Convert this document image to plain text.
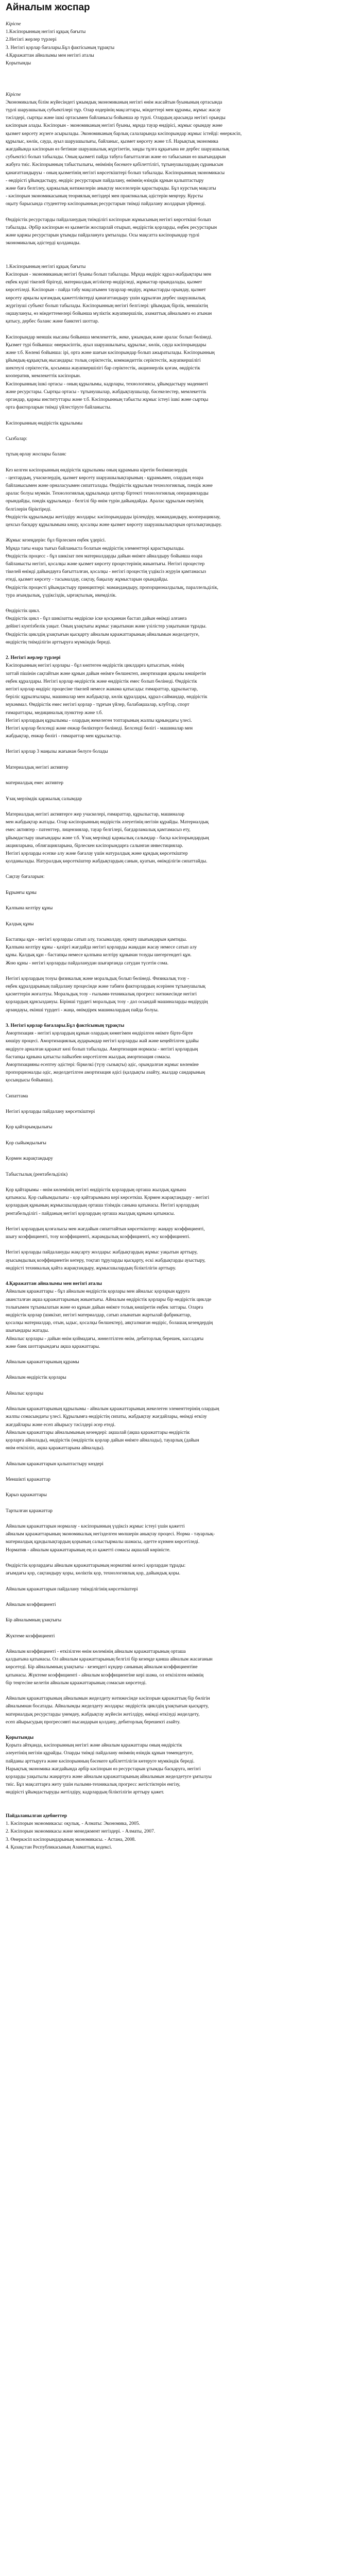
Айналым жоспар
Кіріспе
1.Кәсіпорынның негізгі құқық бағыты
2.Негізгі жерлер түрлері
3. Негізгі қорлар бағалары.Бұл фактісының тұрақты
4.Қаражаттан айналымы мен негізгі аталы
Қорытынды
Кіріспе
Экономикалық білім жүйесіндегі ұжымдық экономиканың негізгі өнім жасайтын буынының ортасында
түрлі шаруашылық субъектілері тұр. Олар өздерінің мақсаттары, міндеттері мен құрамы, жұмыс жасау
тәсілдері, сыртқы және ішкі ортасымен байланысы бойынша әр түрлі. Олардың арасында негізгі орынды
кәсіпорын алады. Кәсіпорын - экономиканың негізгі буыны, мұнда тауар өндірісі, жұмыс орындау және
қызмет көрсету жүзеге асырылады. Экономиканың барлық салаларында кәсіпорындар жұмыс істейді: өнеркәсіп,
құрылыс, көлік, сауда, ауыл шаруашылығы, байланыс, қызмет көрсету және т.б. Нарықтық экономика
жағдайында кәсіпорын өз бетінше шаруашылық жүргізетін, заңды тұлға құқығына ие дербес шаруашылық
субъектісі болып табылады. Оның қызметі пайда табуға бағытталған және өз табысынан өз шығындарын
жабуға тиіс. Кәсіпорынның табыстылығы, өнімінің бәсекеге қабілеттілігі, тұтынушылардың сұранысын
қанағаттандыруы - оның қызметінің негізгі көрсеткіштері болып табылады. Кәсіпорынның экономикасы
- өндірісті ұйымдастыру, өндіріс ресурстарын пайдалану, өнімнің өзіндік құнын қалыптастыру
және баға белгілеу, қаржылық нәтижелерін анықтау мәселелерін қарастырады. Бұл курстың мақсаты
- кәсіпорын экономикасының теориялық негіздері мен практикалық әдістерін меңгеру. Курсты
оқыту барысында студенттер кәсіпорынның ресурстарын тиімді пайдалану жолдарын үйренеді.
Өндірістік ресурстарды пайдаланудың тиімділігі кәсіпорын жұмысының негізгі көрсеткіші болып
табылады. Әрбір кәсіпорын өз қызметін жоспарлай отырып, өндірістік қорларды, еңбек ресурстарын
және қаржы ресурстарын ұтымды пайдалануға ұмтылады. Осы мақсатта кәсіпорындар түрлі
экономикалық әдістерді қолданады.
1.Кәсіпорынның негізгі құқық бағыты
Кәсіпорын - экономиканың негізгі буыны болып табылады. Мұнда өндіріс құрал-жабдықтары мен
еңбек күші тікелей бірігеді, материалдық игіліктер өндіріледі, жұмыстар орындалады, қызмет
көрсетіледі. Кәсіпорын - пайда табу мақсатымен тауарлар өндіру, жұмыстарды орындау, қызмет
көрсету арқылы қоғамдық қажеттіліктерді қанағаттандыру үшін құрылған дербес шаруашылық
жүргізуші субъект болып табылады. Кәсіпорынның негізгі белгілері: ұйымдық бірлік, меншіктің
оқшаулануы, өз міндеттемелері бойынша мүліктік жауапкершілік, азаматтық айналымға өз атынан
қатысу, дербес баланс және банктегі шоттар.
Кәсіпорындар меншік нысаны бойынша мемлекеттік, жеке, ұжымдық және аралас болып бөлінеді.
Қызмет түрі бойынша: өнеркәсіптік, ауыл шаруашылығы, құрылыс, көлік, сауда кәсіпорындары
және т.б. Көлемі бойынша: ірі, орта және шағын кәсіпорындар болып ажыратылады. Кәсіпорынның
ұйымдық-құқықтық нысандары: толық серіктестік, коммандиттік серіктестік, жауапкершілігі
шектеулі серіктестік, қосымша жауапкершілігі бар серіктестік, акционерлік қоғам, өндірістік
кооператив, мемлекеттік кәсіпорын.
Кәсіпорынның ішкі ортасы - оның құрылымы, кадрлары, технологиясы, ұйымдастыру мәдениеті
және ресурстары. Сыртқы ортасы - тұтынушылар, жабдықтаушылар, бәсекелестер, мемлекеттік
органдар, қаржы институттары және т.б. Кәсіпорынның табысты жұмыс істеуі ішкі және сыртқы
орта факторларын тиімді үйлестіруге байланысты.
Кәсіпорынның өндірістік құрылымы
Сызбалар:
тұтың өрлау жоспары баланс
Кез келген кәсіпорынның өндірістік құрылымы оның құрамына кіретін бөлімшелердің
- цехтардың, учаскелердің, қызмет көрсету шаруашылықтарының - құрамымен, олардың өзара
байланысымен және орналасуымен сипатталады. Өндірістік құрылым технологиялық, пәндік және
аралас болуы мүмкін. Технологиялық құрылымда цехтар біртекті технологиялық операцияларды
орындайды, пәндік құрылымда - белгілі бір өнім түрін дайындайды. Аралас құрылым екеуінің
белгілерін біріктіреді.
Өндірістік құрылымды жетілдіру жолдары: кәсіпорындарды ірілендіру, мамандандыру, кооперациялау,
цехсыз басқару құрылымына көшу, қосалқы және қызмет көрсету шаруашылықтарын орталықтандыру.
Жұмыс кезеңдерін: бұл бірлескен еңбек үдерісі.
Мұнда тағы өзара тығыз байланыста болатын өндірістің элементтері қарастырылады.
Өндірістік процесс - бұл шикізат пен материалдарды дайын өнімге айналдыру бойынша өзара
байланысты негізгі, қосалқы және қызмет көрсету процестерінің жиынтығы. Негізгі процестер
тікелей өнімді дайындауға бағытталған, қосалқы - негізгі процестің үздіксіз жүруін қамтамасыз
етеді, қызмет көрсету - тасымалдау, сақтау, бақылау жұмыстарын орындайды.
Өндірістік процесті ұйымдастыру принциптері: мамандандыру, пропорционалдылық, параллельділік,
тура ағындылық, үздіксіздік, ырғақтылық, икемділік.
Өндірістік цикл.
Өндірістік цикл - бұл шикізатты өндіріске іске қосқаннан бастап дайын өнімді алғанға
дейінгі күнтізбелік уақыт. Оның ұзақтығы жұмыс уақытынан және үзілістер уақытынан тұрады.
Өндірістік циклдің ұзақтығын қысқарту айналым қаражаттарының айналымын жеделдетуге,
өндірістің тиімділігін арттыруға мүмкіндік береді.
2. Негізгі жерлер түрлері
Кәсіпорынның негізгі қорлары - бұл көптеген өндірістік циклдарға қатысатын, өзінің
заттай пішінін сақтайтын және құнын дайын өнімге бөлшектеп, амортизация арқылы көшіретін
еңбек құралдары. Негізгі қорлар өндірістік және өндірістік емес болып бөлінеді. Өндірістік
негізгі қорлар өндіріс процесіне тікелей немесе жанама қатысады: ғимараттар, құрылыстар,
беріліс құрылғылары, машиналар мен жабдықтар, көлік құралдары, құрал-саймандар, өндірістік
мүкәммал. Өндірістік емес негізгі қорлар - тұрғын үйлер, балабақшалар, клубтар, спорт
ғимараттары, медициналық пункттер және т.б.
Негізгі қорлардың құрылымы - олардың жекелеген топтарының жалпы құнындағы үлесі.
Негізгі қорлар белсенді және енжар бөліктерге бөлінеді. Белсенді бөлігі - машиналар мен
жабдықтар, енжар бөлігі - ғимараттар мен құрылыстар.
Негізгі қорлар 3 маңызы жағынан бөлуге болады
Материалдық негізгі активтер
материалдық емес активтер
Ұзақ мерзімдік қаржылық салымдар
Материалдық негізгі активтерге жер учаскелері, ғимараттар, құрылыстар, машиналар
мен жабдықтар жатады. Олар кәсіпорынның өндірістік әлеуетінің негізін құрайды. Материалдық
емес активтер - патенттер, лицензиялар, тауар белгілері, бағдарламалық қамтамасыз ету,
ұйымдастыру шығындары және т.б. Ұзақ мерзімді қаржылық салымдар - басқа кәсіпорындардың
акцияларына, облигацияларына, бірлескен кәсіпорындарға салынған инвестициялар.
Негізгі қорларды есепке алу және бағалау үшін натуралдық және құндық көрсеткіштер
қолданылады. Натуралдық көрсеткіштер жабдықтардың санын, қуатын, өнімділігін сипаттайды.
Сақтау бағаларын:
Бұрынғы құны
Қалпына келтіру құны
Қалдық құны
Бастапқы құн - негізгі қорларды сатып алу, тасымалдау, орнату шығындарын қамтиды.
Қалпына келтіру құны - қазіргі жағдайда негізгі қорларды жаңадан жасау немесе сатып алу
құны. Қалдық құн - бастапқы немесе қалпына келтіру құнынан тозуды шегергендегі құн.
Жою құны - негізгі қорларды пайдаланудан шығарғанда сатудан түсетін сома.
Негізгі қорлардың тозуы физикалық және моральдық болып бөлінеді. Физикалық тозу -
еңбек құралдарының пайдалану процесінде және табиғи факторлардың әсерінен тұтынушылық
қасиеттерін жоғалтуы. Моральдық тозу - ғылыми-техникалық прогресс нәтижесінде негізгі
қорлардың құнсыздануы. Бірінші түрдегі моральдық тозу - дәл осындай машиналарды өндірудің
арзандауы, екінші түрдегі - жаңа, өнімдірек машиналардың пайда болуы.
3. Негізгі қорлар бағалары.Бұл фактісының тұрақты
Амортизация - негізгі қорлардың құнын олардың көмегімен өндірілген өнімге бірте-бірте
көшіру процесі. Амортизациялық аударымдар негізгі қорларды жай және кеңейтілген ұдайы
өндіруге арналған қаражат көзі болып табылады. Амортизация нормасы - негізгі қорлардың
бастапқы құнына қатысты пайызбен көрсетілген жылдық амортизация сомасы.
Амортизацияны есептеу әдістері: біркелкі (түзу сызықты) әдіс, орындалған жұмыс көлеміне
пропорционалды әдіс, жеделдетілген амортизация әдісі (қалдықты азайту, жылдар сандарының
қосындысы бойынша).
Сипаттама
Негізгі қорларды пайдалану көрсеткіштері
Қор қайтарымдылығы
Қор сыйымдылығы
Қормен жарақтандыру
Табыстылық (рентабельділік)
Қор қайтарымы - өнім көлемінің негізгі өндірістік қорлардың орташа жылдық құнына
қатынасы. Қор сыйымдылығы - қор қайтарымына кері көрсеткіш. Қормен жарақтандыру - негізгі
қорлардың құнының жұмысшылардың орташа тізімдік санына қатынасы. Негізгі қорлардың
рентабельділігі - пайданың негізгі қорлардың орташа жылдық құнына қатынасы.
Негізгі қорлардың қозғалысы мен жағдайын сипаттайтын көрсеткіштер: жаңару коэффициенті,
шығу коэффициенті, тозу коэффициенті, жарамдылық коэффициенті, өсу коэффициенті.
Негізгі қорларды пайдалануды жақсарту жолдары: жабдықтардың жұмыс уақытын арттыру,
ауысымдылық коэффициентін көтеру, тоқтап тұруларды қысқарту, ескі жабдықтарды ауыстыру,
өндірісті техникалық қайта жарақтандыру, жұмысшылардың біліктілігін арттыру.
4.Қаражаттан айналымы мен негізгі аталы
Айналым қаражаттары - бұл айналым өндірістік қорлары мен айналыс қорларын құруға
авансталған ақша қаражаттарының жиынтығы. Айналым өндірістік қорлары бір өндірістік циклде
толығымен тұтынылатын және өз құнын дайын өнімге толық көшіретін еңбек заттары. Оларға
өндірістік қорлар (шикізат, негізгі материалдар, сатып алынатын жартылай фабрикаттар,
қосалқы материалдар, отын, ыдыс, қосалқы бөлшектер), аяқталмаған өндіріс, болашақ кезеңдердің
шығындары жатады.
Айналыс қорлары - дайын өнім қоймадағы, жөнелтілген өнім, дебиторлық берешек, кассадағы
және банк шоттарындағы ақша қаражаттары.
Айналым қаражаттарының құрамы
Айналым өндірістік қорлары
Айналыс қорлары
Айналым қаражаттарының құрылымы - айналым қаражаттарының жекелеген элементтерінің олардың
жалпы сомасындағы үлесі. Құрылымға өндірістің сипаты, жабдықтау жағдайлары, өнімді өткізу
жағдайлары және есеп айырысу тәсілдері әсер етеді.
Айналым қаражаттары айналымының кезеңдері: ақшалай (ақша қаражаттары өндірістік
қорларға айналады), өндірістік (өндірістік қорлар дайын өнімге айналады), тауарлық (дайын
өнім өткізіліп, ақша қаражаттарына айналады).
Айналым қаражаттарын қалыптастыру көздері
Меншікті қаражаттар
Қарыз қаражаттары
Тартылған қаражаттар
Айналым қаражаттарын нормалау - кәсіпорынның үздіксіз жұмыс істеуі үшін қажетті
айналым қаражаттарының экономикалық негізделген мөлшерін анықтау процесі. Норма - тауарлық-
материалдық құндылықтардың қорының салыстырмалы шамасы, әдетте күнмен көрсетіледі.
Норматив - айналым қаражаттарының ең аз қажетті сомасы ақшалай көріністе.
Өндірістік қорлардағы айналым қаражаттарының нормативі келесі қорлардан тұрады:
ағымдағы қор, сақтандыру қоры, көліктік қор, технологиялық қор, дайындық қоры.
Айналым қаражаттарын пайдалану тиімділігінің көрсеткіштері
Айналым коэффициенті
Бір айналымның ұзақтығы
Жүктеме коэффициенті
Айналым коэффициенті - өткізілген өнім көлемінің айналым қаражаттарының орташа
қалдығына қатынасы. Ол айналым қаражаттарының белгілі бір кезеңде қанша айналым жасағанын
көрсетеді. Бір айналымның ұзақтығы - кезеңдегі күндер санының айналым коэффициентіне
қатынасы. Жүктеме коэффициенті - айналым коэффициентіне кері шама, ол өткізілген өнімнің
бір теңгесіне келетін айналым қаражаттарының сомасын көрсетеді.
Айналым қаражаттарының айналымын жеделдету нәтижесінде кәсіпорын қаражаттың бір бөлігін
айналымнан босатады. Айналымды жеделдету жолдары: өндірістік циклдің ұзақтығын қысқарту,
материалдық ресурстарды үнемдеу, жабдықтау жүйесін жетілдіру, өнімді өткізуді жеделдету,
есеп айырысудың прогрессивті нысандарын қолдану, дебиторлық берешекті азайту.
Қорытынды
Қорыта айтқанда, кәсіпорынның негізгі және айналым қаражаттары оның өндірістік
әлеуетінің негізін құрайды. Оларды тиімді пайдалану өнімнің өзіндік құнын төмендетуге,
пайданы арттыруға және кәсіпорынның бәсекеге қабілеттілігін көтеруге мүмкіндік береді.
Нарықтық экономика жағдайында әрбір кәсіпорын өз ресурстарын ұтымды басқаруға, негізгі
қорларды уақытылы жаңартуға және айналым қаражаттарының айналымын жеделдетуге ұмтылуы
тиіс. Бұл мақсаттарға жету үшін ғылыми-техникалық прогресс жетістіктерін енгізу,
өндірісті ұйымдастыруды жетілдіру, кадрлардың біліктілігін арттыру қажет.
Пайдаланылған әдебиеттер
1. Кәсіпорын экономикасы: оқулық. - Алматы: Экономика, 2005.
2. Кәсіпорын экономикасы және менеджмент негіздері. - Алматы, 2007.
3. Өнеркәсіп кәсіпорындарының экономикасы. - Астана, 2008.
4. Қазақстан Республикасының Азаматтық кодексі.
